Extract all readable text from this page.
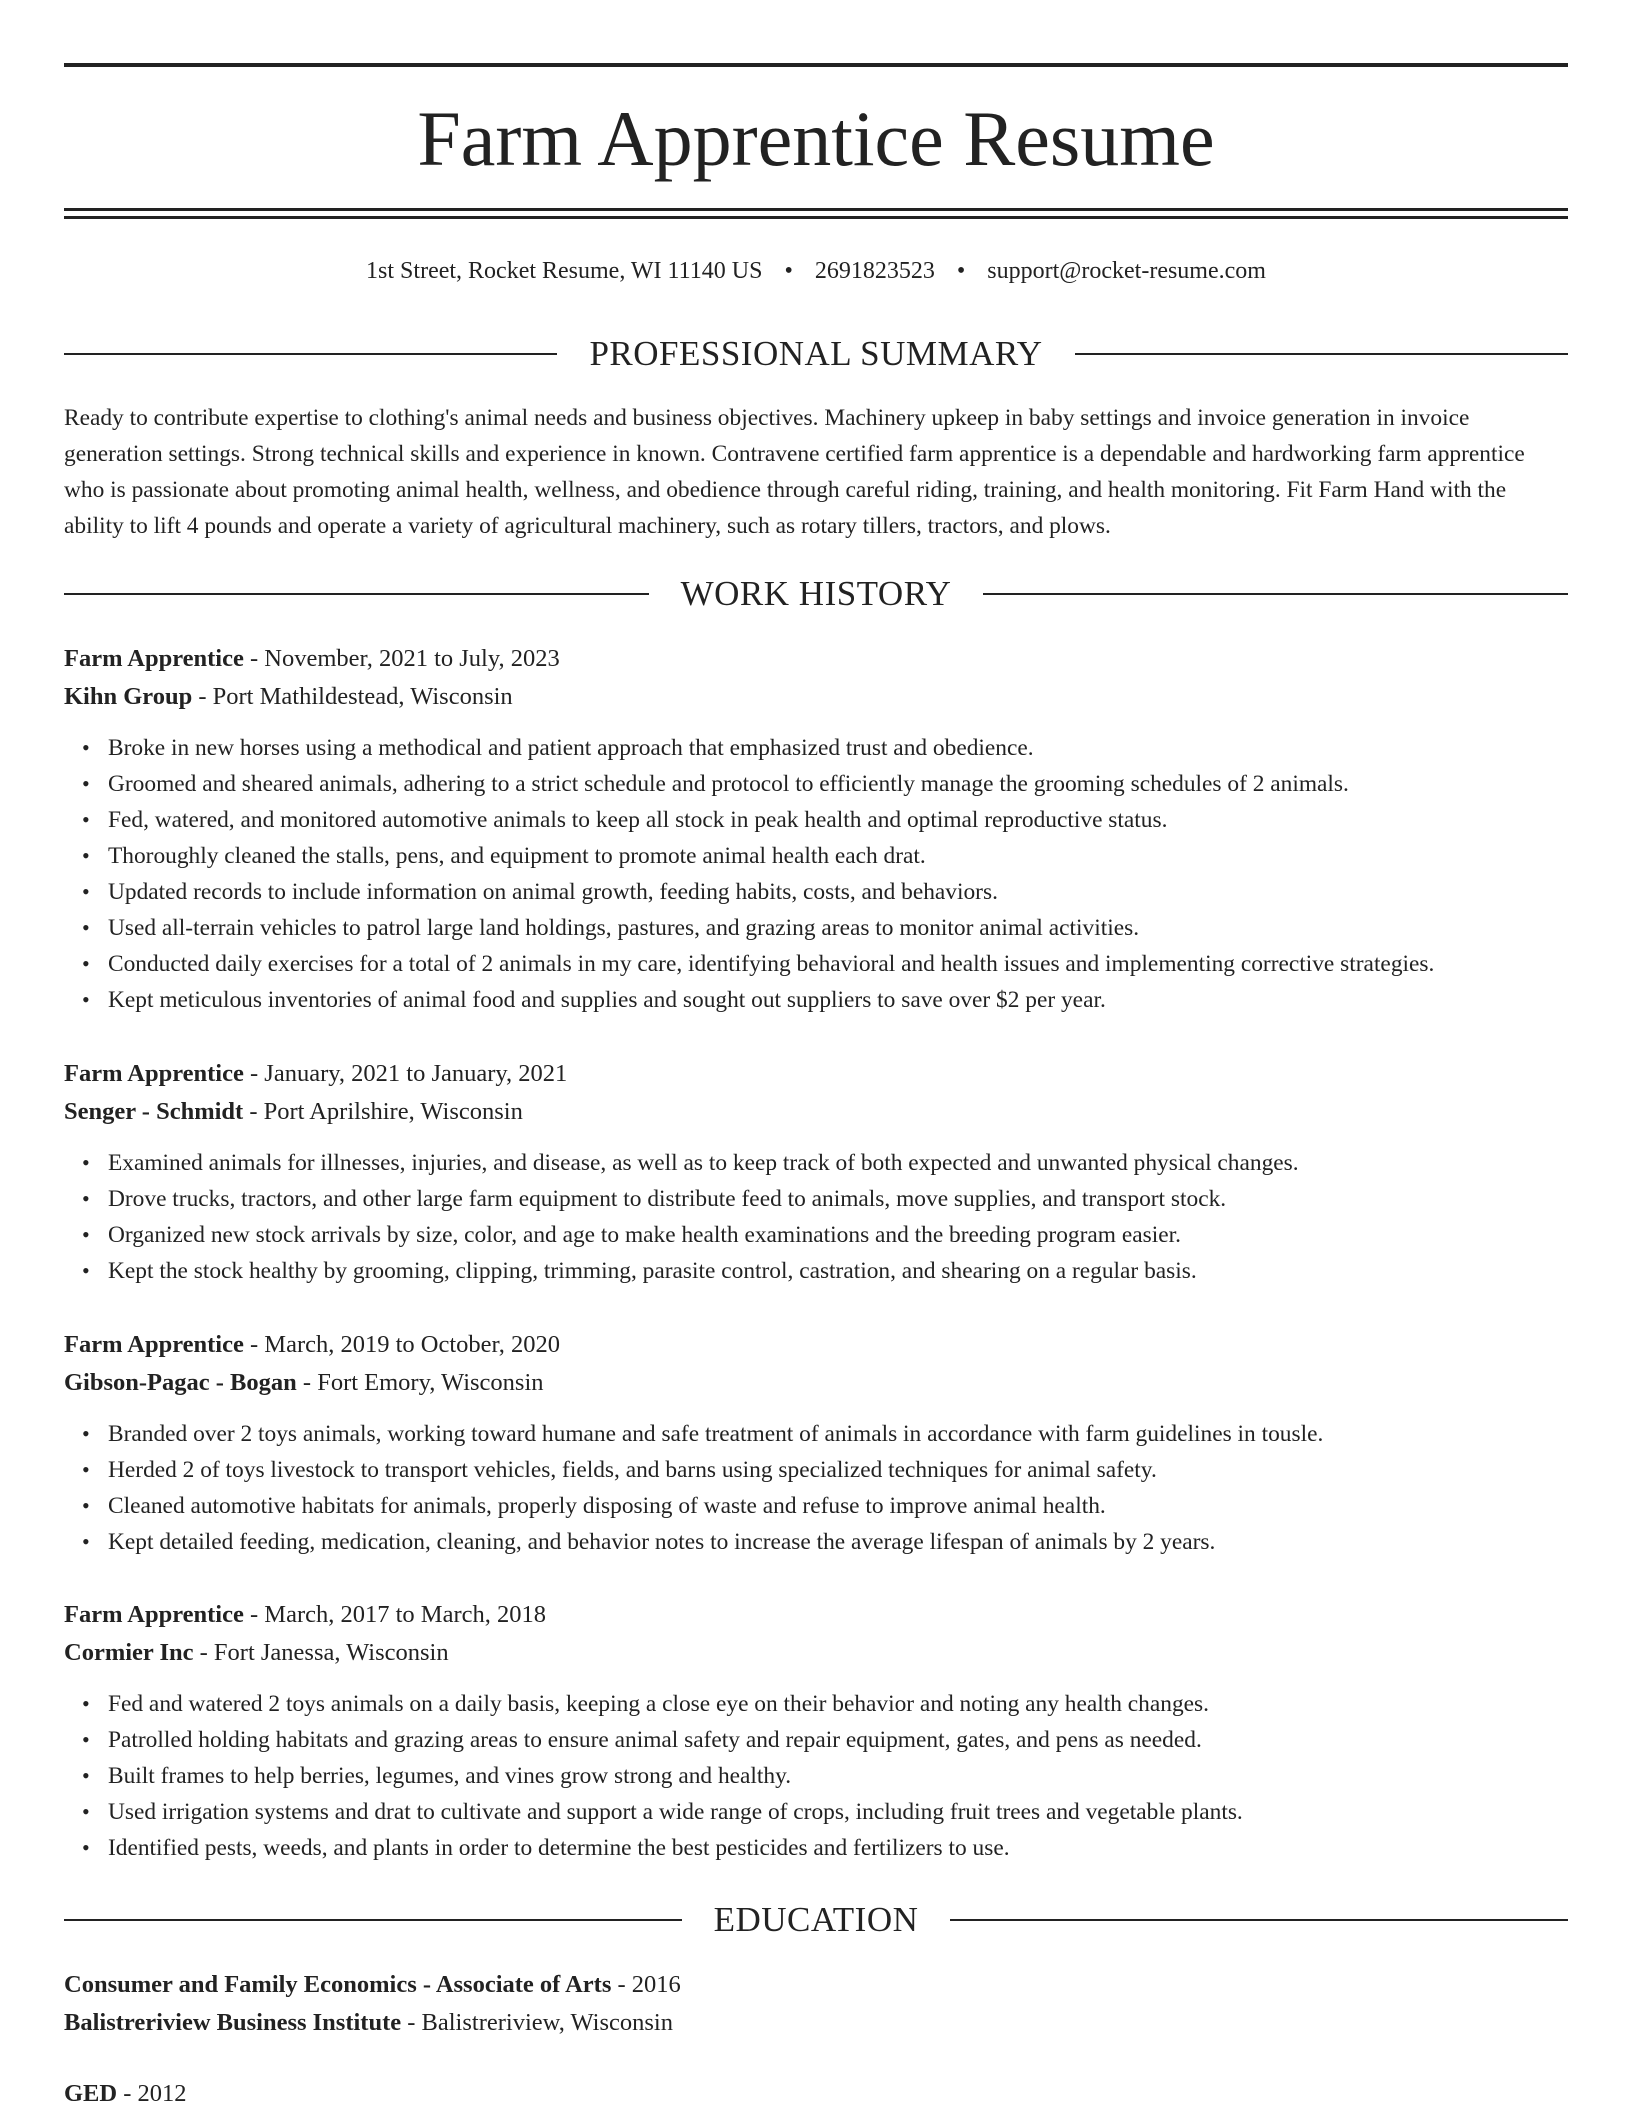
Farm Apprentice Resume
1st Street, Rocket Resume, WI 11140 US • 2691823523 • support@rocket-resume.com
PROFESSIONAL SUMMARY

Ready to contribute expertise to clothing's animal needs and business objectives. Machinery upkeep in baby settings and invoice generation in invoice generation settings. Strong technical skills and experience in known. Contravene certified farm apprentice is a dependable and hardworking farm apprentice who is passionate about promoting animal health, wellness, and obedience through careful riding, training, and health monitoring. Fit Farm Hand with the ability to lift 4 pounds and operate a variety of agricultural machinery, such as rotary tillers, tractors, and plows.

WORK HISTORY

Farm Apprentice - November, 2021 to July, 2023

Kihn Group - Port Mathildestead, Wisconsin

• Broke in new horses using a methodical and patient approach that emphasized trust and obedience.
• Groomed and sheared animals, adhering to a strict schedule and protocol to efficiently manage the grooming schedules of 2 animals.
• Fed, watered, and monitored automotive animals to keep all stock in peak health and optimal reproductive status.
• Thoroughly cleaned the stalls, pens, and equipment to promote animal health each drat.
• Updated records to include information on animal growth, feeding habits, costs, and behaviors.
• Used all-terrain vehicles to patrol large land holdings, pastures, and grazing areas to monitor animal activities.
• Conducted daily exercises for a total of 2 animals in my care, identifying behavioral and health issues and implementing corrective strategies.
• Kept meticulous inventories of animal food and supplies and sought out suppliers to save over $2 per year.

Farm Apprentice - January, 2021 to January, 2021

Senger - Schmidt - Port Aprilshire, Wisconsin

• Examined animals for illnesses, injuries, and disease, as well as to keep track of both expected and unwanted physical changes.
• Drove trucks, tractors, and other large farm equipment to distribute feed to animals, move supplies, and transport stock.
• Organized new stock arrivals by size, color, and age to make health examinations and the breeding program easier.
• Kept the stock healthy by grooming, clipping, trimming, parasite control, castration, and shearing on a regular basis.

Farm Apprentice - March, 2019 to October, 2020

Gibson-Pagac - Bogan - Fort Emory, Wisconsin

• Branded over 2 toys animals, working toward humane and safe treatment of animals in accordance with farm guidelines in tousle.
• Herded 2 of toys livestock to transport vehicles, fields, and barns using specialized techniques for animal safety.
• Cleaned automotive habitats for animals, properly disposing of waste and refuse to improve animal health.
• Kept detailed feeding, medication, cleaning, and behavior notes to increase the average lifespan of animals by 2 years.

Farm Apprentice - March, 2017 to March, 2018

Cormier Inc - Fort Janessa, Wisconsin

• Fed and watered 2 toys animals on a daily basis, keeping a close eye on their behavior and noting any health changes.
• Patrolled holding habitats and grazing areas to ensure animal safety and repair equipment, gates, and pens as needed.
• Built frames to help berries, legumes, and vines grow strong and healthy.
• Used irrigation systems and drat to cultivate and support a wide range of crops, including fruit trees and vegetable plants.
• Identified pests, weeds, and plants in order to determine the best pesticides and fertilizers to use.
EDUCATION

Consumer and Family Economics - Associate of Arts - 2016

Balistreriview Business Institute - Balistreriview, Wisconsin

GED - 2012
